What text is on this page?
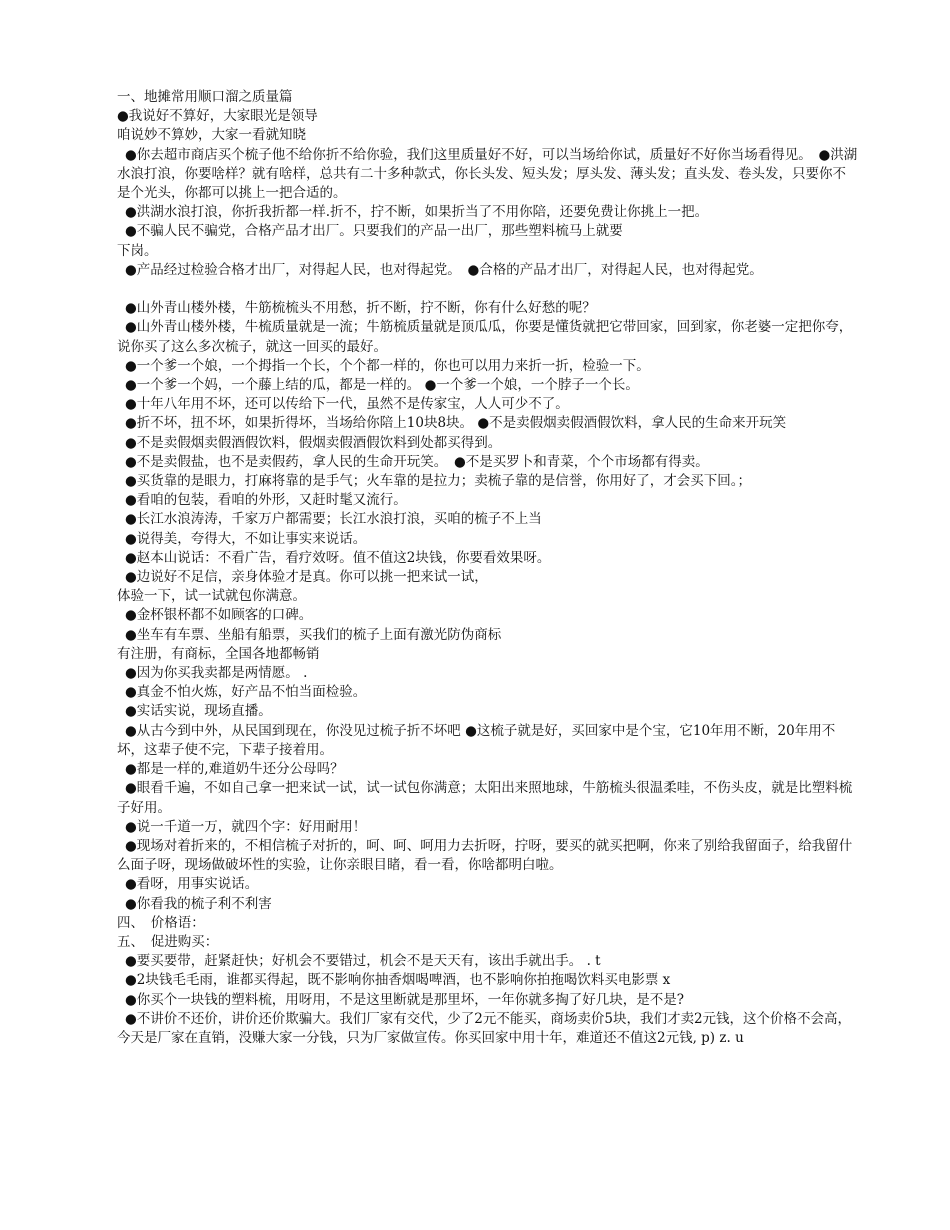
一、地摊常用顺口溜之质量篇
●我说好不算好，大家眼光是领导
咱说妙不算妙，大家一看就知晓
●你去超市商店买个梳子他不给你折不给你验，我们这里质量好不好，可以当场给你试，质量好不好你当场看得见。　●洪湖水浪打浪，你要啥样？就有啥样，总共有二十多种款式，你长头发、短头发；厚头发、薄头发；直头发、卷头发，只要你不是个光头，你都可以挑上一把合适的。
●洪湖水浪打浪，你折我折都一样.折不，拧不断，如果折当了不用你陪，还要免费让你挑上一把。
●不骗人民不骗党，合格产品才出厂。只要我们的产品一出厂，那些塑料梳马上就要
下岗。
●产品经过检验合格才出厂，对得起人民，也对得起党。　●合格的产品才出厂，对得起人民，也对得起党。
●山外青山楼外楼，牛筋梳梳头不用愁，折不断，拧不断，你有什么好愁的呢？
●山外青山楼外楼，牛梳质量就是一流；牛筋梳质量就是顶瓜瓜，你要是懂货就把它带回家，回到家，你老婆一定把你夸，
说你买了这么多次梳子，就这一回买的最好。
●一个爹一个娘，一个拇指一个长，个个都一样的，你也可以用力来折一折，检验一下。
●一个爹一个妈，一个藤上结的瓜，都是一样的。 ●一个爹一个娘，一个脖子一个长。
●十年八年用不坏，还可以传给下一代，虽然不是传家宝，人人可少不了。
●折不坏，扭不坏，如果折得坏，当场给你陪上10块8块。 ●不是卖假烟卖假酒假饮料，拿人民的生命来开玩笑
●不是卖假烟卖假酒假饮料，假烟卖假酒假饮料到处都买得到。
●不是卖假盐，也不是卖假药，拿人民的生命开玩笑。　●不是买罗卜和青菜，个个市场都有得卖。
●买货靠的是眼力，打麻将靠的是手气；火车靠的是拉力；卖梳子靠的是信誉，你用好了，才会买下回。；
●看咱的包装，看咱的外形，又赶时髦又流行。
●长江水浪涛涛，千家万户都需要；长江水浪打浪，买咱的梳子不上当
●说得美，夸得大，不如让事实来说话。
●赵本山说话：不看广告，看疗效呀。值不值这2块钱，你要看效果呀。
●边说好不足信，亲身体验才是真。你可以挑一把来试一试，
体验一下，试一试就包你满意。
●金杯银杯都不如顾客的口碑。
●坐车有车票、坐船有船票，买我们的梳子上面有激光防伪商标
有注册，有商标，全国各地都畅销
●因为你买我卖都是两情愿。 .
●真金不怕火炼，好产品不怕当面检验。
●实话实说，现场直播。
●从古今到中外，从民国到现在，你没见过梳子折不坏吧 ●这梳子就是好，买回家中是个宝，它10年用不断，20年用不坏，这辈子使不完，下辈子接着用。
●都是一样的,难道奶牛还分公母吗？
●眼看千遍，不如自己拿一把来试一试，试一试包你满意；太阳出来照地球，牛筋梳头很温柔哇，不伤头皮，就是比塑料梳子好用。
●说一千道一万，就四个字：好用耐用！
●现场对着折来的，不相信梳子对折的，呵、呵、呵用力去折呀，拧呀，要买的就买把啊，你来了别给我留面子，给我留什么面子呀，现场做破坏性的实验，让你亲眼目睹，看一看，你啥都明白啦。
●看呀，用事实说话。
●你看我的梳子利不利害
四、　价格语：
五、　促进购买：
●要买要带，赶紧赶快；好机会不要错过，机会不是天天有，该出手就出手。 . t
●2块钱毛毛雨，谁都买得起，既不影响你抽香烟喝啤酒，也不影响你拍拖喝饮料买电影票 x
●你买个一块钱的塑料梳，用呀用，不是这里断就是那里坏，一年你就多掏了好几块，是不是?
●不讲价不还价，讲价还价欺骗大。我们厂家有交代，少了2元不能买，商场卖价5块，我们才卖2元钱，这个价格不会高，今天是厂家在直销，没赚大家一分钱，只为厂家做宣传。你买回家中用十年，难道还不值这2元钱, p) z. u
